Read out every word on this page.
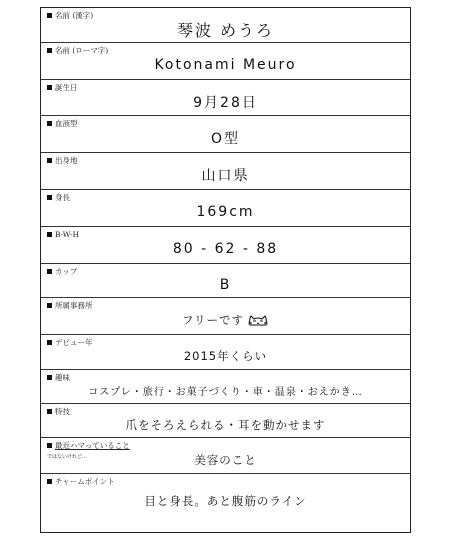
名前 (漢字)
琴波 めうろ
名前 (ローマ字)
Kotonami Meuro
誕生日
9月28日
血液型
O型
出身地
山口県
身長
169cm
B-W-H
80 - 62 - 88
カップ
B
所属事務所
フリーです
デビュー年
2015年くらい
趣味
コスプレ・旅行・お菓子づくり・車・温泉・おえかき…
特技
爪をそろえられる・耳を動かせます
最近ハマっていること
ではないけれど…	美容のこと
チャームポイント
目と身長。あと腹筋のライン
